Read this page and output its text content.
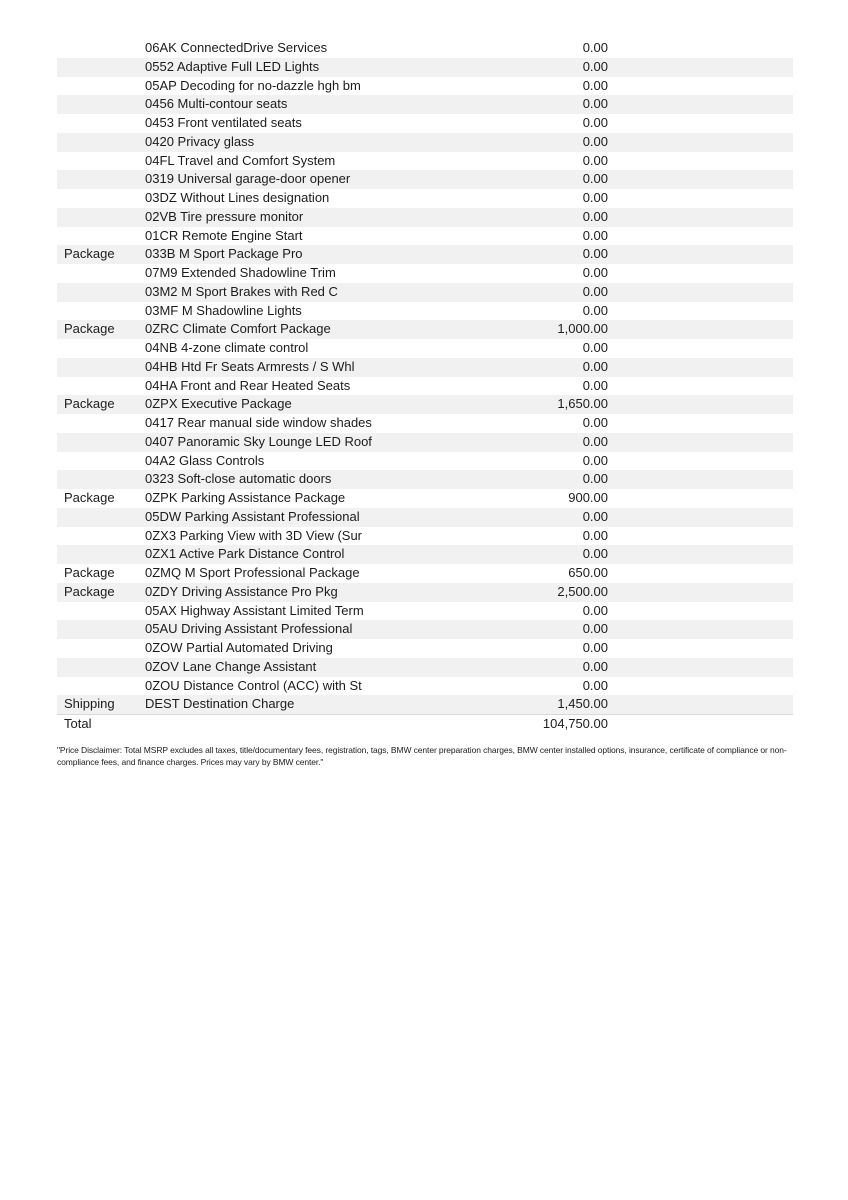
06AK ConnectedDrive Services	0.00
0552 Adaptive Full LED Lights	0.00
05AP Decoding for no-dazzle hgh bm	0.00
0456 Multi-contour seats	0.00
0453 Front ventilated seats	0.00
0420 Privacy glass	0.00
04FL Travel and Comfort System	0.00
0319 Universal garage-door opener	0.00
03DZ Without Lines designation	0.00
02VB Tire pressure monitor	0.00
01CR Remote Engine Start	0.00
Package	033B M Sport Package Pro	0.00
07M9 Extended Shadowline Trim	0.00
03M2 M Sport Brakes with Red C	0.00
03MF M Shadowline Lights	0.00
Package	0ZRC Climate Comfort Package	1,000.00
04NB 4-zone climate control	0.00
04HB Htd Fr Seats Armrests / S Whl	0.00
04HA Front and Rear Heated Seats	0.00
Package	0ZPX Executive Package	1,650.00
0417 Rear manual side window shades	0.00
0407 Panoramic Sky Lounge LED Roof	0.00
04A2 Glass Controls	0.00
0323 Soft-close automatic doors	0.00
Package	0ZPK Parking Assistance Package	900.00
05DW Parking Assistant Professional	0.00
0ZX3 Parking View with 3D View (Sur	0.00
0ZX1 Active Park Distance Control	0.00
Package	0ZMQ M Sport Professional Package	650.00
Package	0ZDY Driving Assistance Pro Pkg	2,500.00
05AX Highway Assistant Limited Term	0.00
05AU Driving Assistant Professional	0.00
0ZOW Partial Automated Driving	0.00
0ZOV Lane Change Assistant	0.00
0ZOU Distance Control (ACC) with St	0.00
Shipping	DEST Destination Charge	1,450.00
Total	104,750.00

"Price Disclaimer: Total MSRP excludes all taxes, title/documentary fees, registration, tags, BMW center preparation charges, BMW center installed options, insurance, certificate of compliance or non-compliance fees, and finance charges. Prices may vary by BMW center."
